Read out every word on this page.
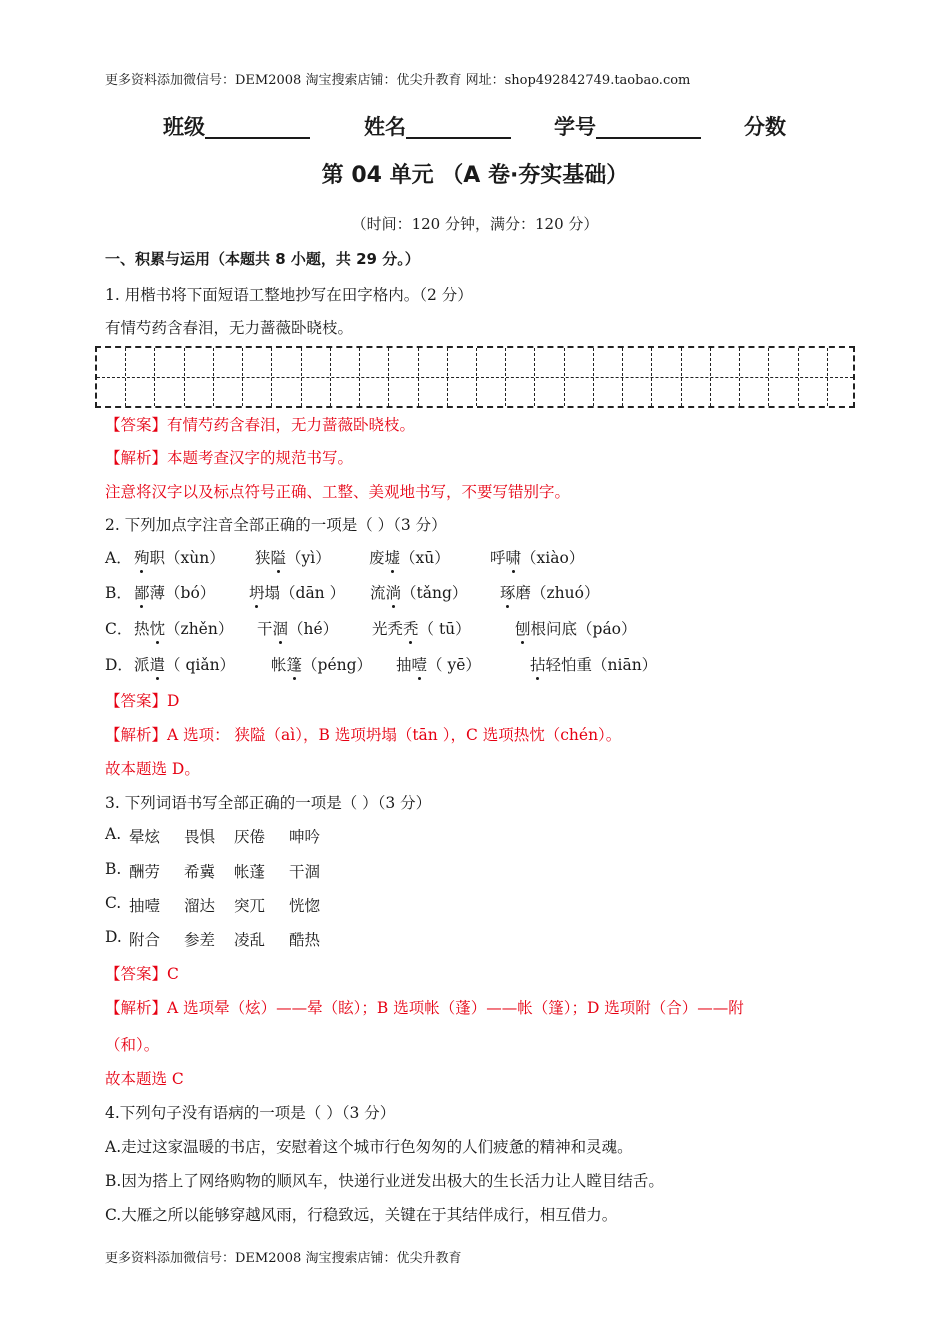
更多资料添加微信号：DEM2008 淘宝搜索店铺：优尖升教育 网址：shop492842749.taobao.com
更多资料添加微信号：DEM2008 淘宝搜索店铺：优尖升教育
班级__________	姓名__________ 学号__________ 分数
第 04 单元 （A 卷·夯实基础）
（时间：120 分钟，满分：120 分）
一、积累与运用（本题共 8 小题，共 29 分。）
1. 用楷书将下面短语工整地抄写在田字格内。（2 分）
有情芍药含春泪，无力蔷薇卧晓枝。
【答案】有情芍药含春泪，无力蔷薇卧晓枝。
【解析】本题考查汉字的规范书写。
注意将汉字以及标点符号正确、工整、美观地书写，不要写错别字。
2. 下列加点字注音全部正确的一项是（ ）（3 分）
A． 殉职（xùn） 狭隘（yì） 废墟（xū）	呼啸（xiào）
B． 鄙薄（bó） 坍塌（dān ） 流淌（tǎng） 琢磨（zhuó）
C． 热忱（zhěn） 干涸（hé） 光秃秃（ tū）	刨根问底（páo）
D． 派遣（ qiǎn） 帐篷（péng） 抽噎（ yē）	拈轻怕重（niān）
【答案】D
【解析】A 选项： 狭隘（aì），B 选项坍塌（tān ），C 选项热忱（chén）。
故本题选 D。
3. 下列词语书写全部正确的一项是（ ）（3 分）
A. 晕炫 畏惧 厌倦 呻吟
B. 酬劳 希冀 帐蓬 干涸
C. 抽噎 溜达 突兀 恍惚
D. 附合 参差 凌乱 酷热
【答案】C
【解析】A 选项晕（炫）——晕（眩）；B 选项帐（蓬）——帐（篷）；D 选项附（合）——附
（和）。
故本题选 C
4.下列句子没有语病的一项是（ ）（3 分）
A.走过这家温暖的书店，安慰着这个城市行色匆匆的人们疲惫的精神和灵魂。
B.因为搭上了网络购物的顺风车，快递行业迸发出极大的生长活力让人瞠目结舌。
C.大雁之所以能够穿越风雨，行稳致远，关键在于其结伴成行，相互借力。
